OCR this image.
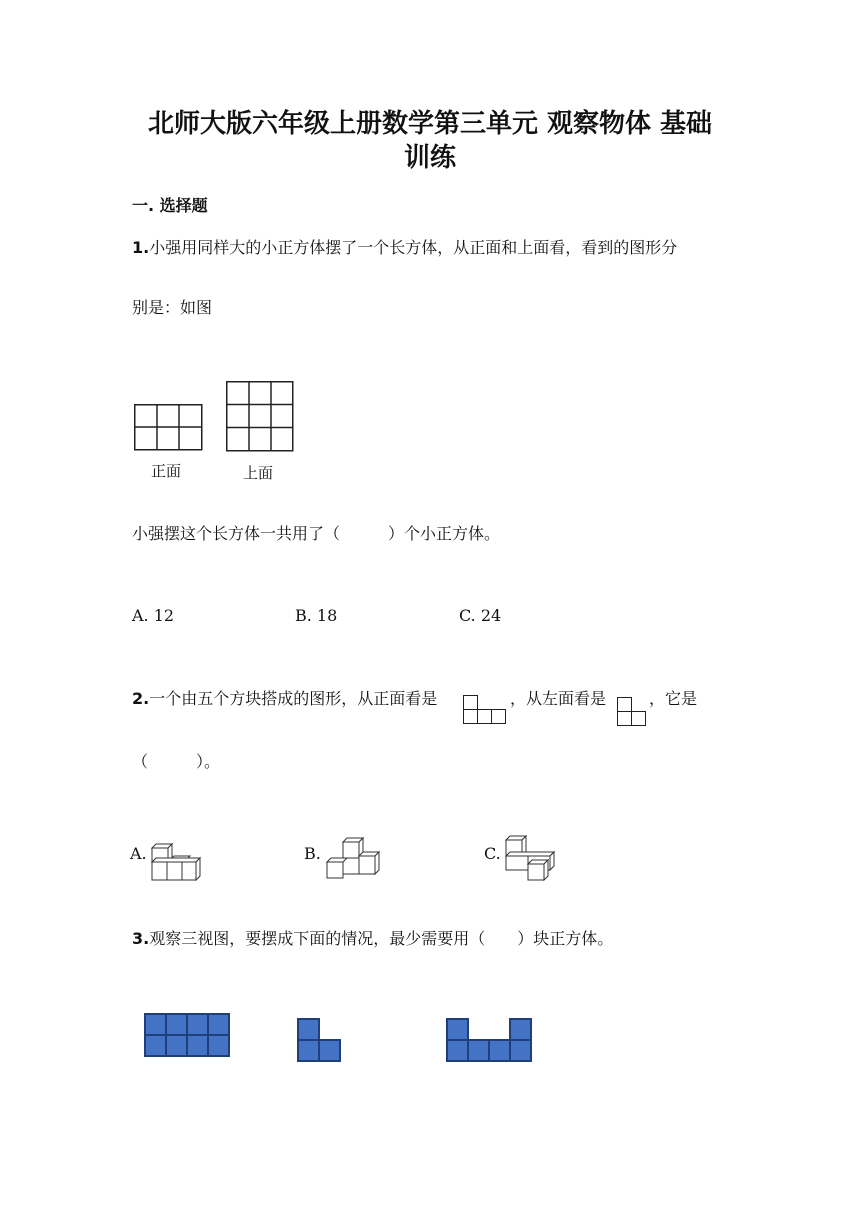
北师大版六年级上册数学第三单元 观察物体 基础
训练
一. 选择题
1.小强用同样大的小正方体摆了一个长方体，从正面和上面看，看到的图形分
别是：如图
正面	上面
小强摆这个长方体一共用了（　　　）个小正方体。
A. 12	B. 18	C. 24
2.一个由五个方块搭成的图形，从正面看是	，从左面看是	，它是
（　　　）。
A.	B.	C.
3.观察三视图，要摆成下面的情况，最少需要用（　　）块正方体。
